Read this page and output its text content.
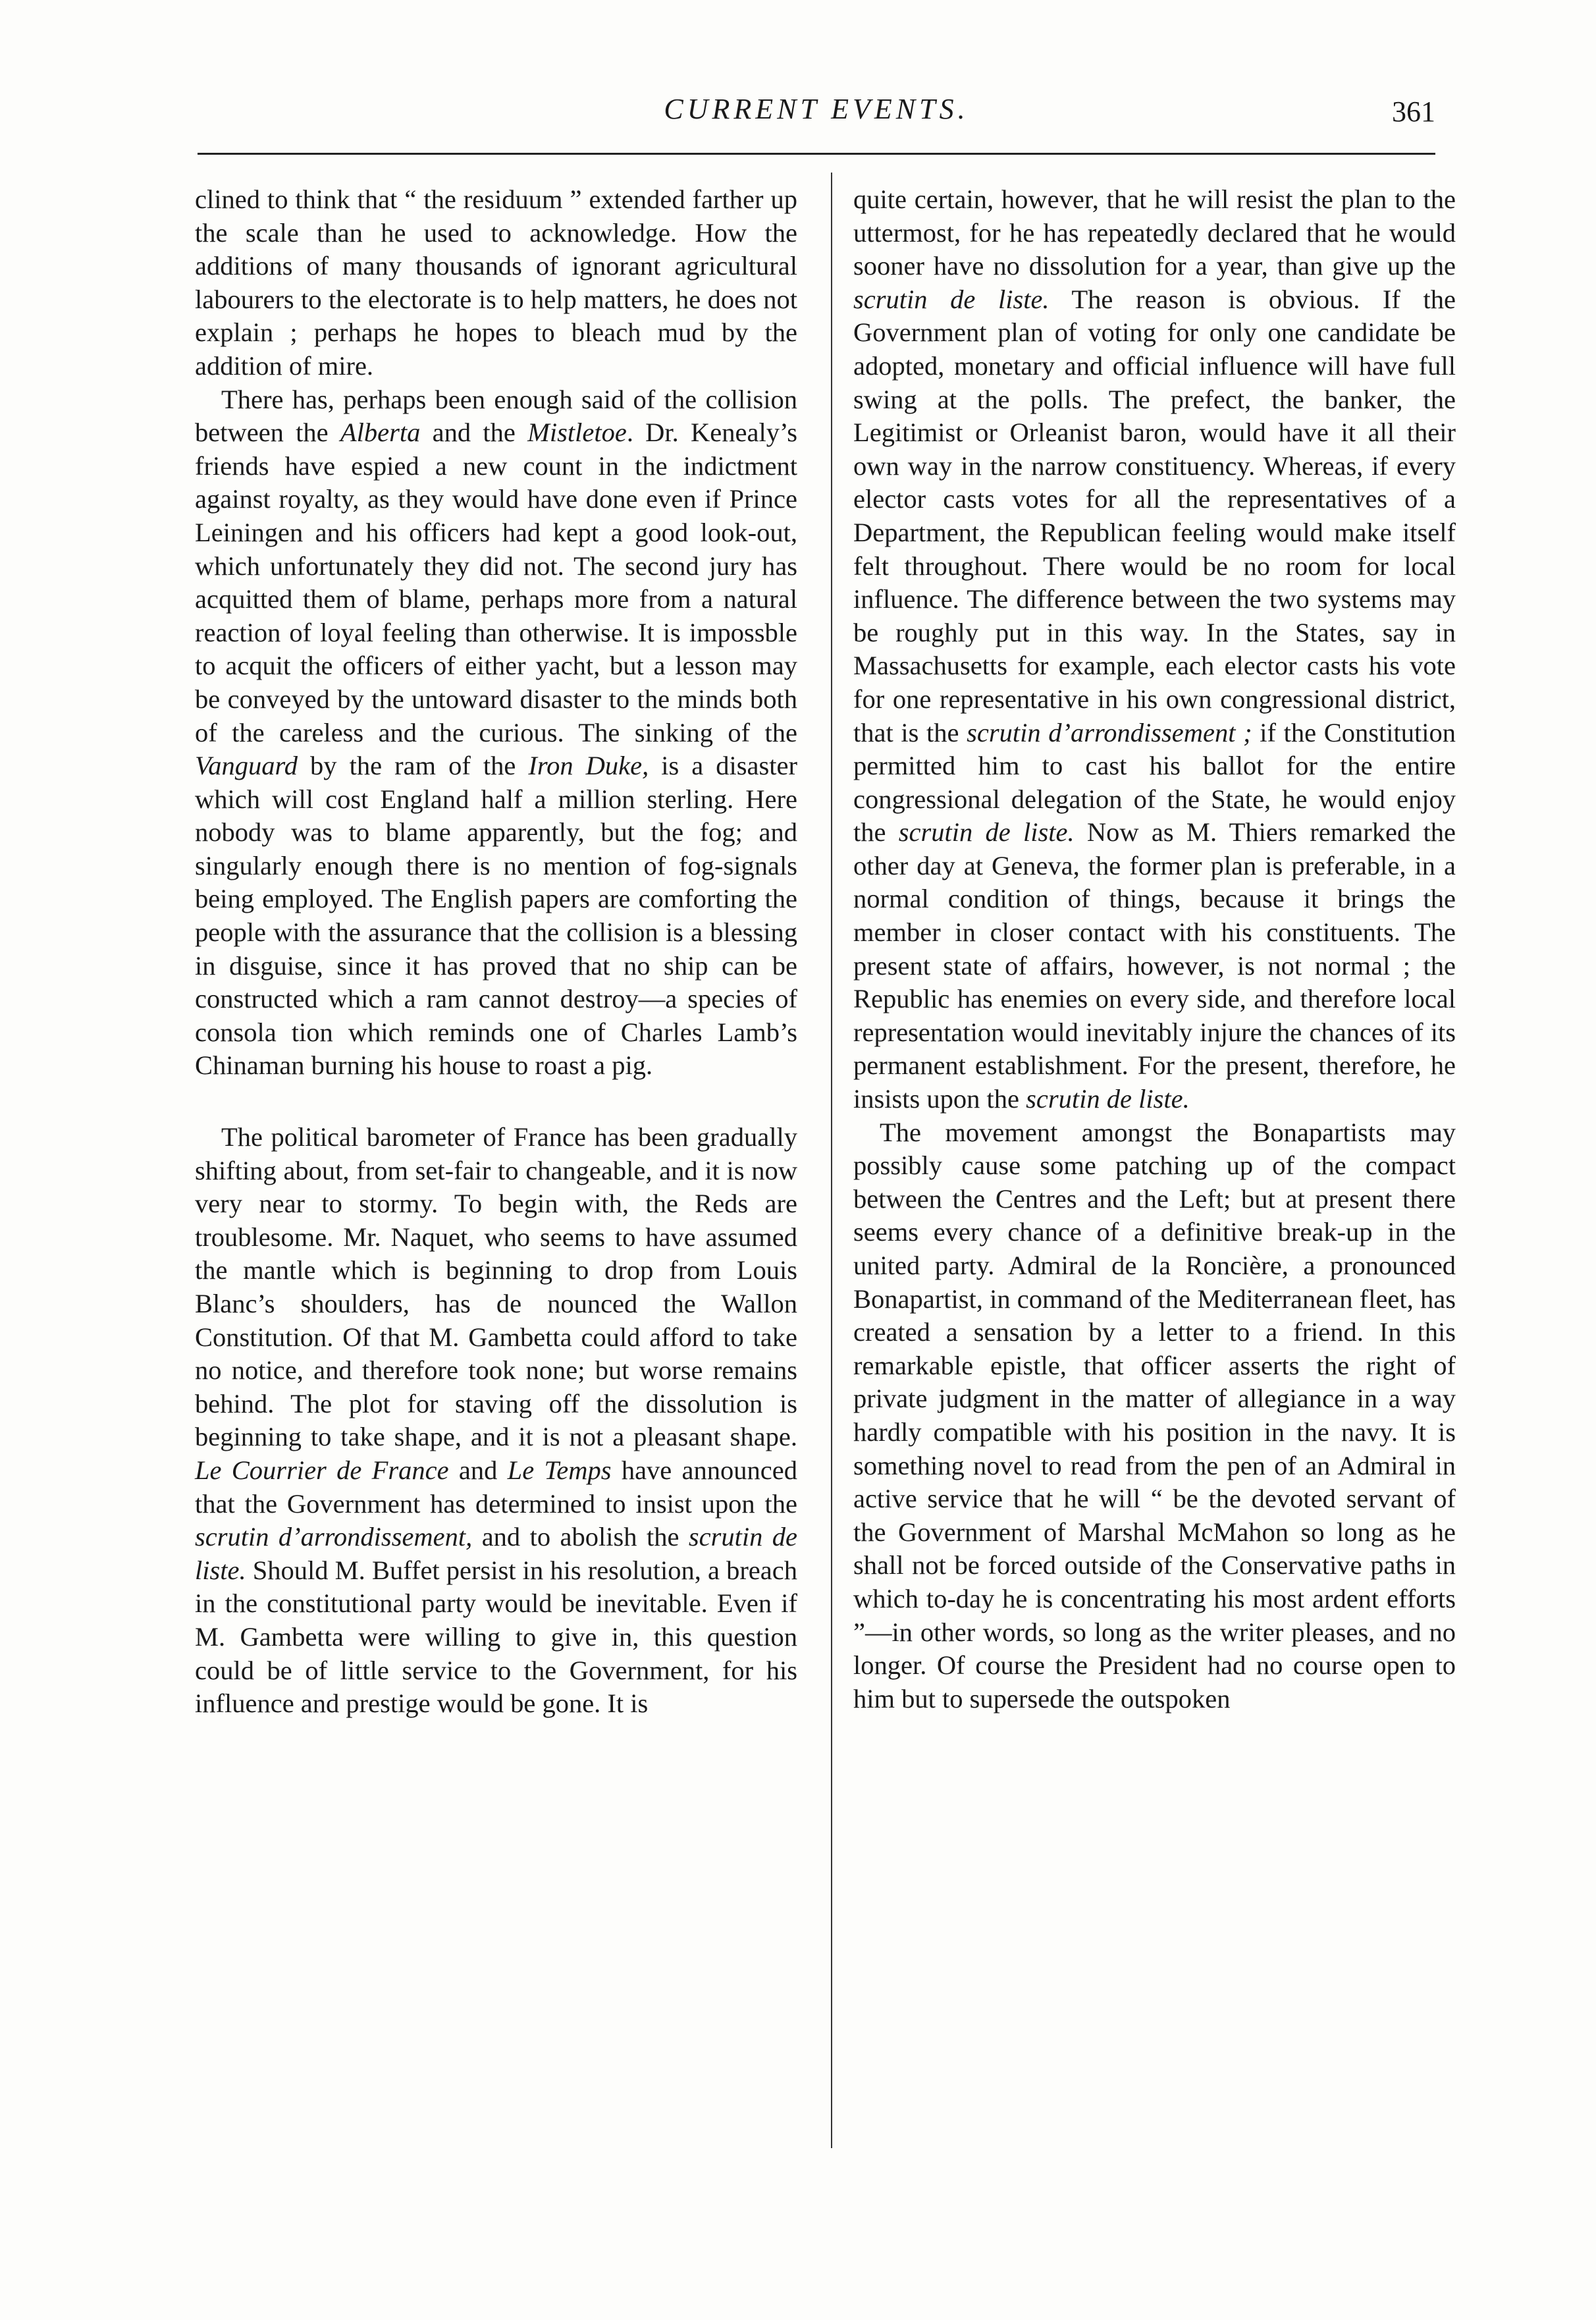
CURRENT EVENTS.	361

clined to think that “ the residuum ” extended farther up the scale than he used to acknowledge. How the additions of many thousands of ignorant agricultural labourers to the electorate is to help matters, he does not explain ; perhaps he hopes to bleach mud by the addition of mire.

There has, perhaps been enough said of the collision between the Alberta and the Mistletoe. Dr. Kenealy’s friends have espied a new count in the indictment against royalty, as they would have done even if Prince Leiningen and his officers had kept a good look-out, which unfortunately they did not. The second jury has acquitted them of blame, perhaps more from a natural reaction of loyal feeling than otherwise. It is impossble to acquit the officers of either yacht, but a lesson may be conveyed by the untoward disaster to the minds both of the careless and the curious. The sinking of the Vanguard by the ram of the Iron Duke, is a disaster which will cost England half a million sterling. Here nobody was to blame apparently, but the fog; and singularly enough there is no mention of fog-signals being employed. The English papers are comforting the people with the assurance that the collision is a blessing in disguise, since it has proved that no ship can be constructed which a ram cannot destroy—a species of consola tion which reminds one of Charles Lamb’s Chinaman burning his house to roast a pig.

The political barometer of France has been gradually shifting about, from set-fair to changeable, and it is now very near to stormy. To begin with, the Reds are troublesome. Mr. Naquet, who seems to have assumed the mantle which is beginning to drop from Louis Blanc’s shoulders, has de nounced the Wallon Constitution. Of that M. Gambetta could afford to take no notice, and therefore took none; but worse remains behind. The plot for staving off the dissolution is beginning to take shape, and it is not a pleasant shape. Le Courrier de France and Le Temps have announced that the Government has determined to insist upon the scrutin d’arrondissement, and to abolish the scrutin de liste. Should M. Buffet persist in his resolution, a breach in the constitutional party would be inevitable. Even if M. Gambetta were willing to give in, this question could be of little service to the Government, for his influence and prestige would be gone. It is

quite certain, however, that he will resist the plan to the uttermost, for he has repeatedly declared that he would sooner have no dissolution for a year, than give up the scrutin de liste. The reason is obvious. If the Government plan of voting for only one candidate be adopted, monetary and official influence will have full swing at the polls. The prefect, the banker, the Legitimist or Orleanist baron, would have it all their own way in the narrow constituency. Whereas, if every elector casts votes for all the representatives of a Department, the Republican feeling would make itself felt throughout. There would be no room for local influence. The difference between the two systems may be roughly put in this way. In the States, say in Massachusetts for example, each elector casts his vote for one representative in his own congressional district, that is the scrutin d’arrondissement ; if the Constitution permitted him to cast his ballot for the entire congressional delegation of the State, he would enjoy the scrutin de liste. Now as M. Thiers remarked the other day at Geneva, the former plan is preferable, in a normal condition of things, because it brings the member in closer contact with his constituents. The present state of affairs, however, is not normal ; the Republic has enemies on every side, and therefore local representation would inevitably injure the chances of its permanent establishment. For the present, therefore, he insists upon the scrutin de liste.

The movement amongst the Bonapartists may possibly cause some patching up of the compact between the Centres and the Left; but at present there seems every chance of a definitive break-up in the united party. Admiral de la Roncière, a pronounced Bonapartist, in command of the Mediterranean fleet, has created a sensation by a letter to a friend. In this remarkable epistle, that officer asserts the right of private judgment in the matter of allegiance in a way hardly compatible with his position in the navy. It is something novel to read from the pen of an Admiral in active service that he will “ be the devoted servant of the Government of Marshal McMahon so long as he shall not be forced outside of the Conservative paths in which to-day he is concentrating his most ardent efforts ”—in other words, so long as the writer pleases, and no longer. Of course the President had no course open to him but to supersede the outspoken
